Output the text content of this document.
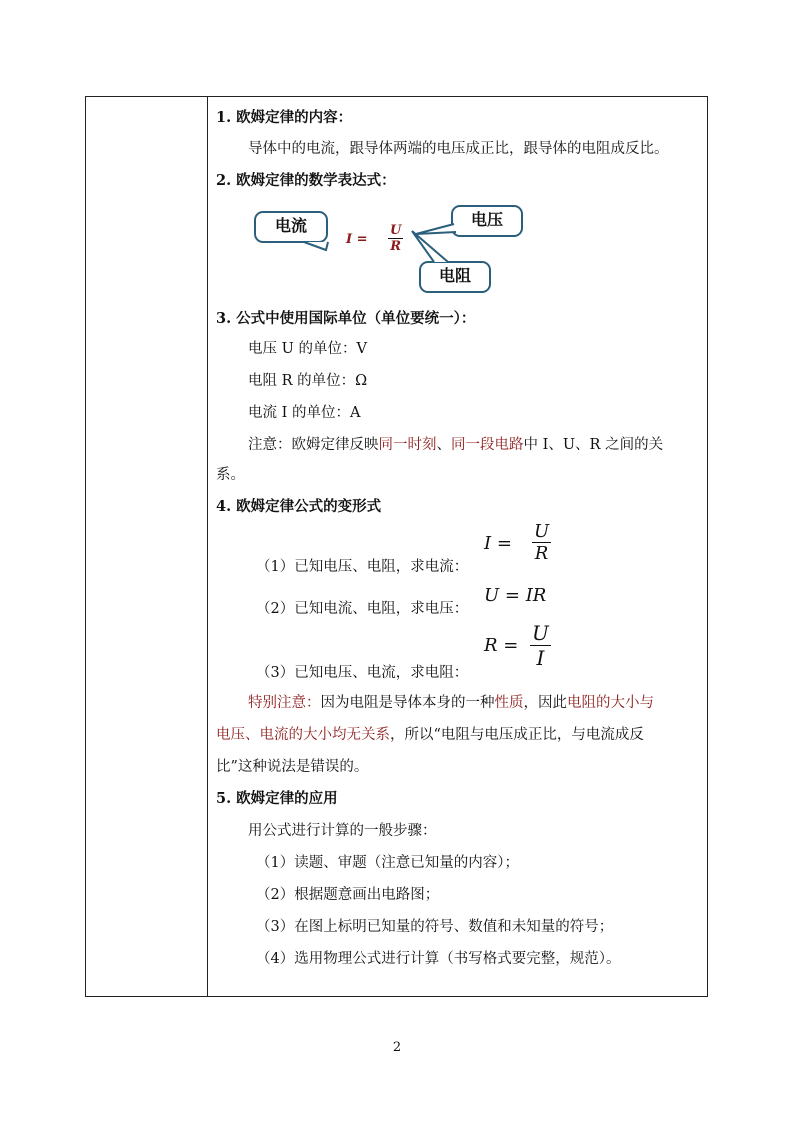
1. 欧姆定律的内容：
导体中的电流，跟导体两端的电压成正比，跟导体的电阻成反比。
2. 欧姆定律的数学表达式：
电流	电压
电阻
$I = \frac{U}{R}$
3. 公式中使用国际单位（单位要统一）：
电压 U 的单位：V
电阻 R 的单位：Ω
电流 I 的单位：A
注意：欧姆定律反映同一时刻、同一段电路中 I、U、R 之间的关
系。
4. 欧姆定律公式的变形式
（1）已知电压、电阻，求电流：
$I = \frac{U}{R}$
（2）已知电流、电阻，求电压：
U = IR
（3）已知电压、电流，求电阻：
$R = \frac{U}{I}$
特别注意：因为电阻是导体本身的一种性质，因此电阻的大小与
电压、电流的大小均无关系，所以“电阻与电压成正比，与电流成反
比”这种说法是错误的。
5. 欧姆定律的应用
用公式进行计算的一般步骤：
（1）读题、审题（注意已知量的内容）；
（2）根据题意画出电路图；
（3）在图上标明已知量的符号、数值和未知量的符号；
（4）选用物理公式进行计算（书写格式要完整，规范）。
2
